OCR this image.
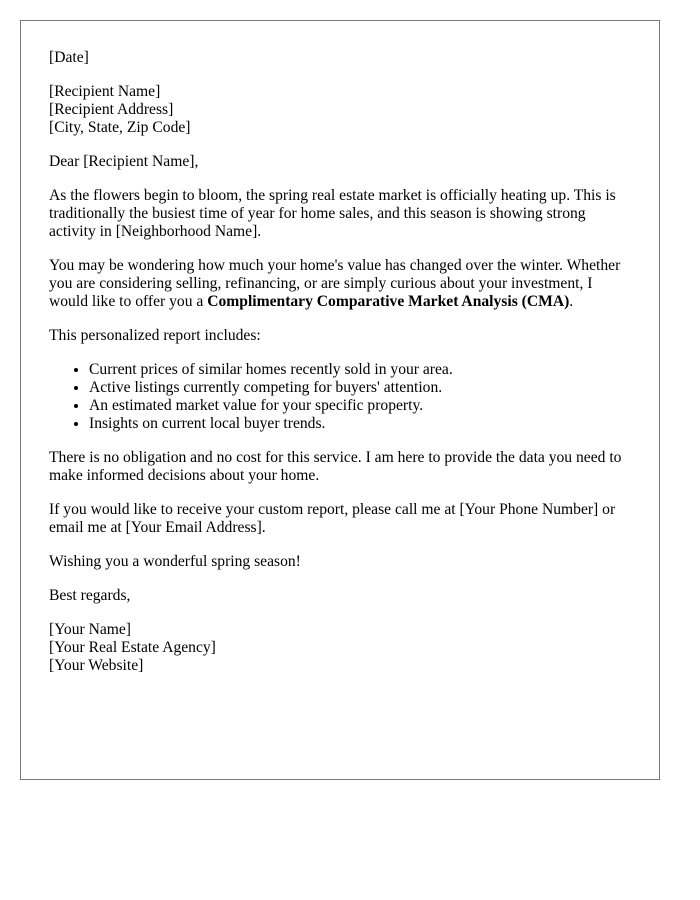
[Date]
[Recipient Name]
[Recipient Address]
[City, State, Zip Code]

Dear [Recipient Name],

As the flowers begin to bloom, the spring real estate market is officially heating up. This is traditionally the busiest time of year for home sales, and this season is showing strong activity in [Neighborhood Name].

You may be wondering how much your home's value has changed over the winter. Whether you are considering selling, refinancing, or are simply curious about your investment, I would like to offer you a Complimentary Comparative Market Analysis (CMA).

This personalized report includes:

• Current prices of similar homes recently sold in your area.
• Active listings currently competing for buyers' attention.
• An estimated market value for your specific property.
• Insights on current local buyer trends.

There is no obligation and no cost for this service. I am here to provide the data you need to make informed decisions about your home.

If you would like to receive your custom report, please call me at [Your Phone Number] or email me at [Your Email Address].

Wishing you a wonderful spring season!

Best regards,

[Your Name]
[Your Real Estate Agency]
[Your Website]
